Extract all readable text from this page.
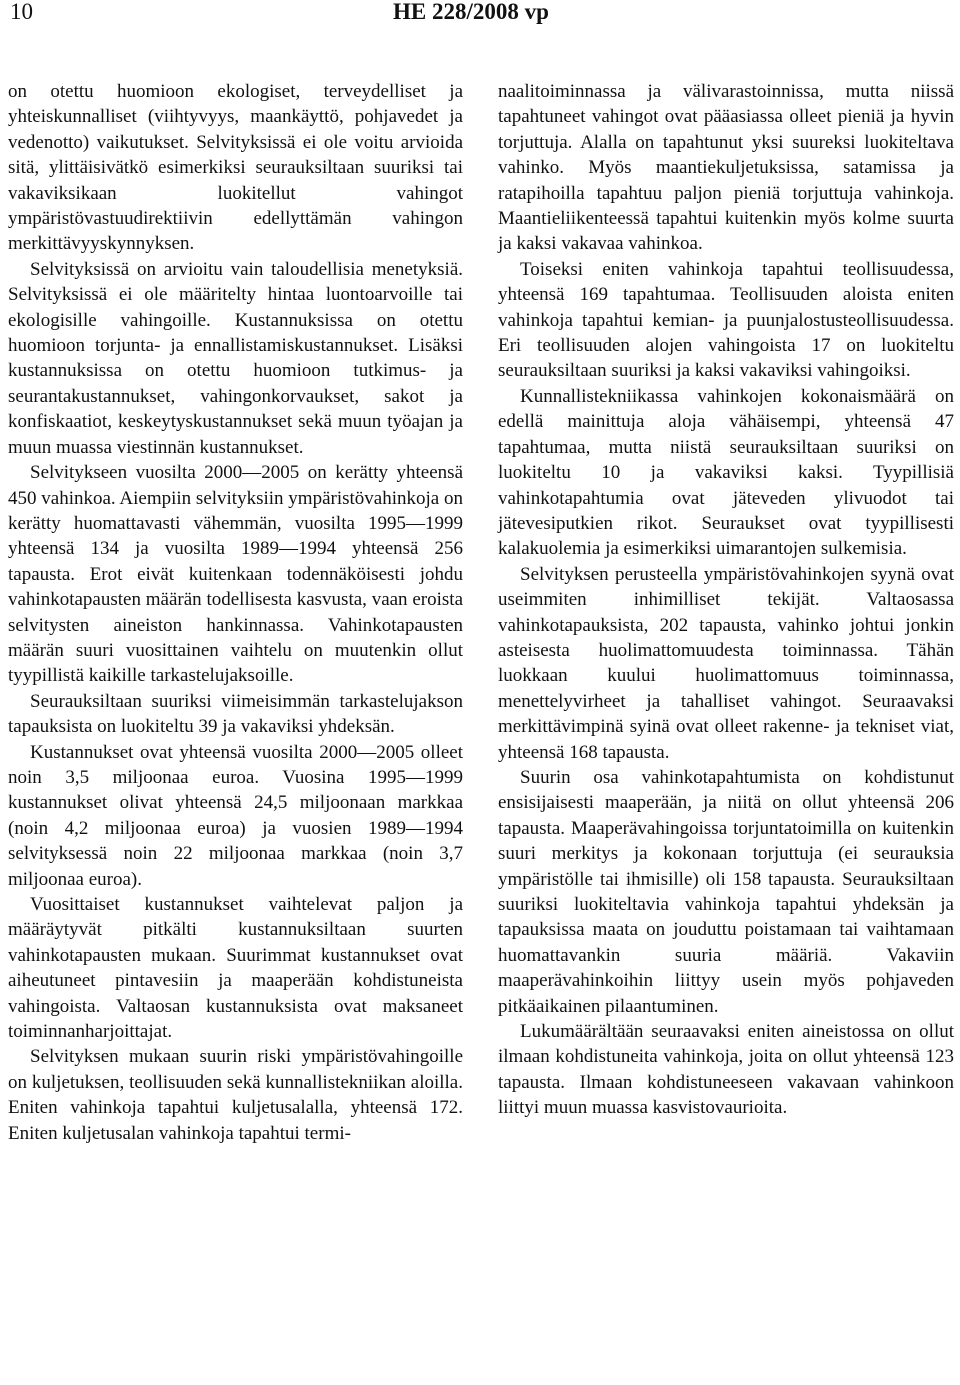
10	HE 228/2008 vp

on otettu huomioon ekologiset, terveydelliset ja yhteiskunnalliset (viihtyvyys, maankäyttö, pohjavedet ja vedenotto) vaikutukset. Selvityksissä ei ole voitu arvioida sitä, ylittäisivätkö esimerkiksi seurauksiltaan suuriksi tai vakaviksikaan luokitellut vahingot ympäristövastuudirektiivin edellyttämän vahingon merkittävyyskynnyksen.

Selvityksissä on arvioitu vain taloudellisia menetyksiä. Selvityksissä ei ole määritelty hintaa luontoarvoille tai ekologisille vahingoille. Kustannuksissa on otettu huomioon torjunta- ja ennallistamiskustannukset. Lisäksi kustannuksissa on otettu huomioon tutkimus- ja seurantakustannukset, vahingonkorvaukset, sakot ja konfiskaatiot, keskeytyskustannukset sekä muun työajan ja muun muassa viestinnän kustannukset.

Selvitykseen vuosilta 2000—2005 on kerätty yhteensä 450 vahinkoa. Aiempiin selvityksiin ympäristövahinkoja on kerätty huomattavasti vähemmän, vuosilta 1995—1999 yhteensä 134 ja vuosilta 1989—1994 yhteensä 256 tapausta. Erot eivät kuitenkaan todennäköisesti johdu vahinkotapausten määrän todellisesta kasvusta, vaan eroista selvitysten aineiston hankinnassa. Vahinkotapausten määrän suuri vuosittainen vaihtelu on muutenkin ollut tyypillistä kaikille tarkastelujaksoille.

Seurauksiltaan suuriksi viimeisimmän tarkastelujakson tapauksista on luokiteltu 39 ja vakaviksi yhdeksän.

Kustannukset ovat yhteensä vuosilta 2000—2005 olleet noin 3,5 miljoonaa euroa. Vuosina 1995—1999 kustannukset olivat yhteensä 24,5 miljoonaan markkaa (noin 4,2 miljoonaa euroa) ja vuosien 1989—1994 selvityksessä noin 22 miljoonaa markkaa (noin 3,7 miljoonaa euroa).

Vuosittaiset kustannukset vaihtelevat paljon ja määräytyvät pitkälti kustannuksiltaan suurten vahinkotapausten mukaan. Suurimmat kustannukset ovat aiheutuneet pintavesiin ja maaperään kohdistuneista vahingoista. Valtaosan kustannuksista ovat maksaneet toiminnanharjoittajat.

Selvityksen mukaan suurin riski ympäristövahingoille on kuljetuksen, teollisuuden sekä kunnallistekniikan aloilla. Eniten vahinkoja tapahtui kuljetusalalla, yhteensä 172. Eniten kuljetusalan vahinkoja tapahtui termi-

naalitoiminnassa ja välivarastoinnissa, mutta niissä tapahtuneet vahingot ovat pääasiassa olleet pieniä ja hyvin torjuttuja. Alalla on tapahtunut yksi suureksi luokiteltava vahinko. Myös maantiekuljetuksissa, satamissa ja ratapihoilla tapahtuu paljon pieniä torjuttuja vahinkoja. Maantieliikenteessä tapahtui kuitenkin myös kolme suurta ja kaksi vakavaa vahinkoa.

Toiseksi eniten vahinkoja tapahtui teollisuudessa, yhteensä 169 tapahtumaa. Teollisuuden aloista eniten vahinkoja tapahtui kemian- ja puunjalostusteollisuudessa. Eri teollisuuden alojen vahingoista 17 on luokiteltu seurauksiltaan suuriksi ja kaksi vakaviksi vahingoiksi.

Kunnallistekniikassa vahinkojen kokonaismäärä on edellä mainittuja aloja vähäisempi, yhteensä 47 tapahtumaa, mutta niistä seurauksiltaan suuriksi on luokiteltu 10 ja vakaviksi kaksi. Tyypillisiä vahinkotapahtumia ovat jäteveden ylivuodot tai jätevesiputkien rikot. Seuraukset ovat tyypillisesti kalakuolemia ja esimerkiksi uimarantojen sulkemisia.

Selvityksen perusteella ympäristövahinkojen syynä ovat useimmiten inhimilliset tekijät. Valtaosassa vahinkotapauksista, 202 tapausta, vahinko johtui jonkin asteisesta huolimattomuudesta toiminnassa. Tähän luokkaan kuului huolimattomuus toiminnassa, menettelyvirheet ja tahalliset vahingot. Seuraavaksi merkittävimpinä syinä ovat olleet rakenne- ja tekniset viat, yhteensä 168 tapausta.

Suurin osa vahinkotapahtumista on kohdistunut ensisijaisesti maaperään, ja niitä on ollut yhteensä 206 tapausta. Maaperävahingoissa torjuntatoimilla on kuitenkin suuri merkitys ja kokonaan torjuttuja (ei seurauksia ympäristölle tai ihmisille) oli 158 tapausta. Seurauksiltaan suuriksi luokiteltavia vahinkoja tapahtui yhdeksän ja tapauksissa maata on jouduttu poistamaan tai vaihtamaan huomattavankin suuria määriä. Vakaviin maaperävahinkoihin liittyy usein myös pohjaveden pitkäaikainen pilaantuminen.

Lukumäärältään seuraavaksi eniten aineistossa on ollut ilmaan kohdistuneita vahinkoja, joita on ollut yhteensä 123 tapausta. Ilmaan kohdistuneeseen vakavaan vahinkoon liittyi muun muassa kasvistovaurioita.
